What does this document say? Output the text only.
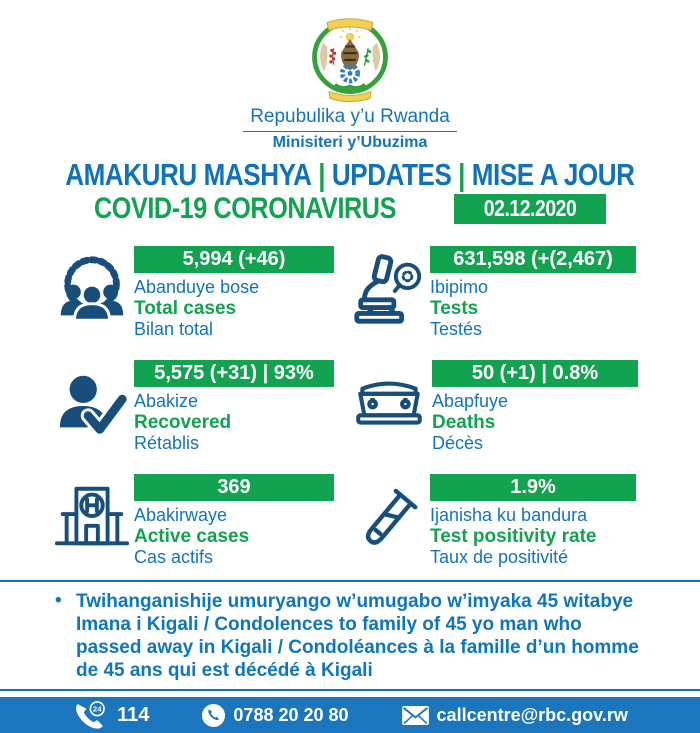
Repubulika y’u Rwanda
Minisiteri y’Ubuzima
AMAKURU MASHYA | UPDATES | MISE A JOUR
COVID-19 CORONAVIRUS	02.12.2020
5,994 (+46)
Abanduye bose
Total cases
Bilan total
631,598 (+(2,467)
Ibipimo
Tests
Testés
5,575 (+31) | 93%
Abakize
Recovered
Rétablis
50 (+1) | 0.8%
Abapfuye
Deaths
Décès
369
Abakirwaye
Active cases
Cas actifs
1.9%
Ijanisha ku bandura
Test positivity rate
Taux de positivité
• Twihanganishije umuryango w’umugabo w’imyaka 45 witabye Imana i Kigali / Condolences to family of 45 yo man who passed away in Kigali / Condoléances à la famille d’un homme de 45 ans qui est décédé à Kigali
24 114	0788 20 20 80	callcentre@rbc.gov.rw
